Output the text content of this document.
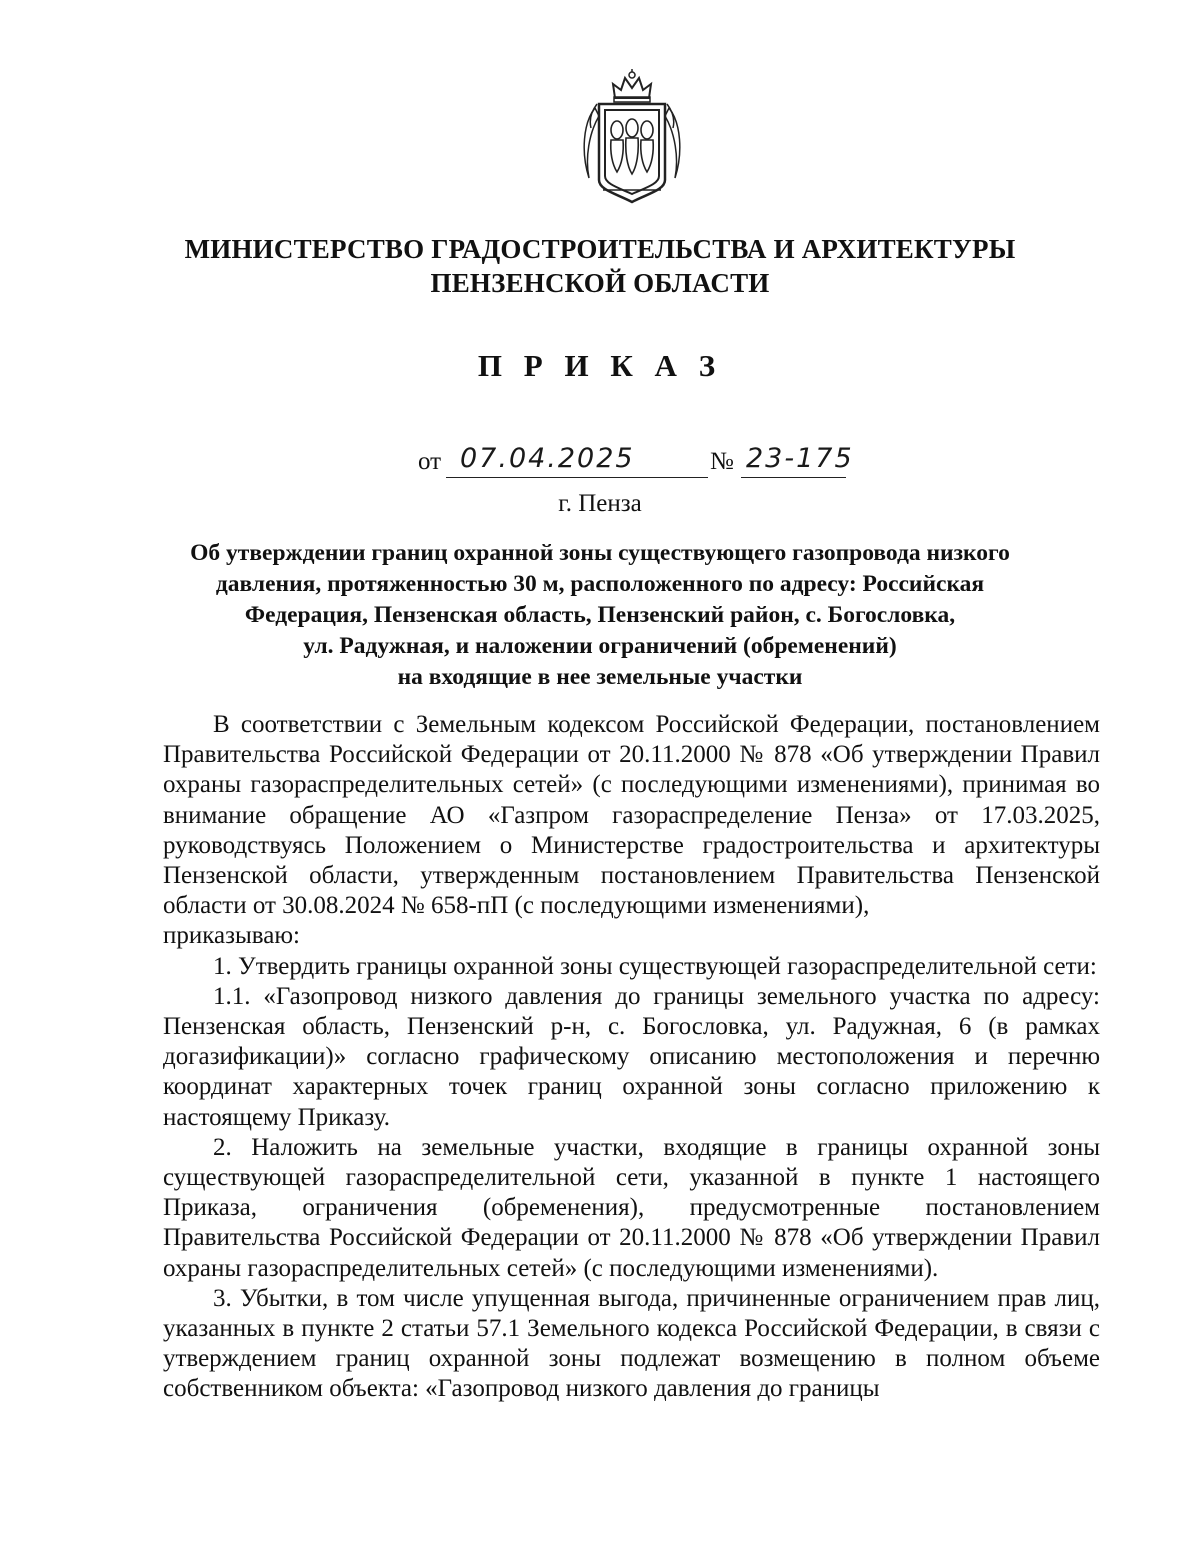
МИНИСТЕРСТВО ГРАДОСТРОИТЕЛЬСТВА И АРХИТЕКТУРЫ
ПЕНЗЕНСКОЙ ОБЛАСТИ
П Р И К А З
от 07.04.2025	№ 23-175
г. Пенза
Об утверждении границ охранной зоны существующего газопровода низкого
давления, протяженностью 30 м, расположенного по адресу: Российская
Федерация, Пензенская область, Пензенский район, с. Богословка,
ул. Радужная, и наложении ограничений (обременений)
на входящие в нее земельные участки

В соответствии с Земельным кодексом Российской Федерации, постановлением Правительства Российской Федерации от 20.11.2000 № 878 «Об утверждении Правил охраны газораспределительных сетей» (с последующими изменениями), принимая во внимание обращение АО «Газпром газораспределение Пенза» от 17.03.2025, руководствуясь Положением о Министерстве градостроительства и архитектуры Пензенской области, утвержденным постановлением Правительства Пензенской области от 30.08.2024 № 658-пП (с последующими изменениями),

приказываю:

1. Утвердить границы охранной зоны существующей газораспределительной сети:

1.1. «Газопровод низкого давления до границы земельного участка по адресу: Пензенская область, Пензенский р-н, с. Богословка, ул. Радужная, 6 (в рамках догазификации)» согласно графическому описанию местоположения и перечню координат характерных точек границ охранной зоны согласно приложению к настоящему Приказу.

2. Наложить на земельные участки, входящие в границы охранной зоны существующей газораспределительной сети, указанной в пункте 1 настоящего Приказа, ограничения (обременения), предусмотренные постановлением Правительства Российской Федерации от 20.11.2000 № 878 «Об утверждении Правил охраны газораспределительных сетей» (с последующими изменениями).

3. Убытки, в том числе упущенная выгода, причиненные ограничением прав лиц, указанных в пункте 2 статьи 57.1 Земельного кодекса Российской Федерации, в связи с утверждением границ охранной зоны подлежат возмещению в полном объеме собственником объекта: «Газопровод низкого давления до границы
